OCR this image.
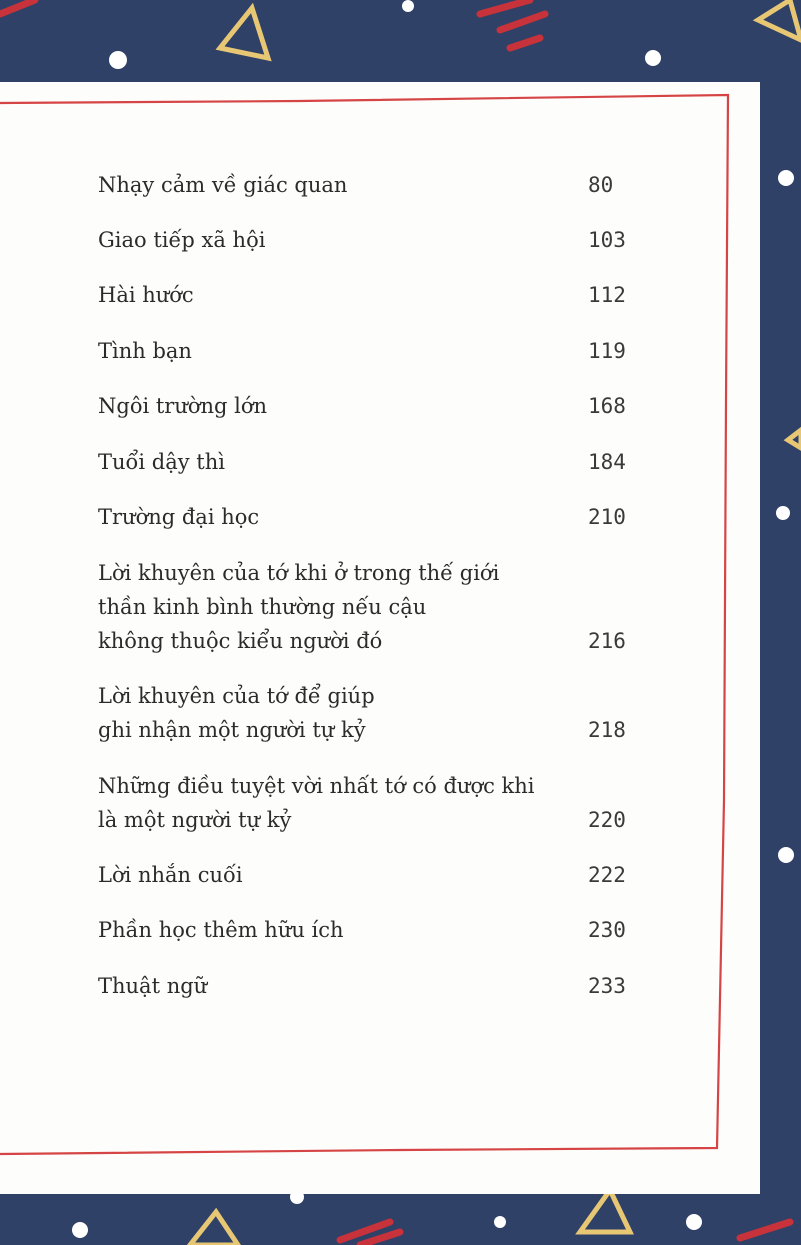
Nhạy cảm về giác quan	80
Giao tiếp xã hội	103
Hài hước	112
Tình bạn	119
Ngôi trường lớn	168
Tuổi dậy thì	184
Trường đại học	210
Lời khuyên của tớ khi ở trong thế giới
thần kinh bình thường nếu cậu
không thuộc kiểu người đó	216
Lời khuyên của tớ để giúp
ghi nhận một người tự kỷ	218
Những điều tuyệt vời nhất tớ có được khi
là một người tự kỷ	220
Lời nhắn cuối	222
Phần học thêm hữu ích	230
Thuật ngữ	233
